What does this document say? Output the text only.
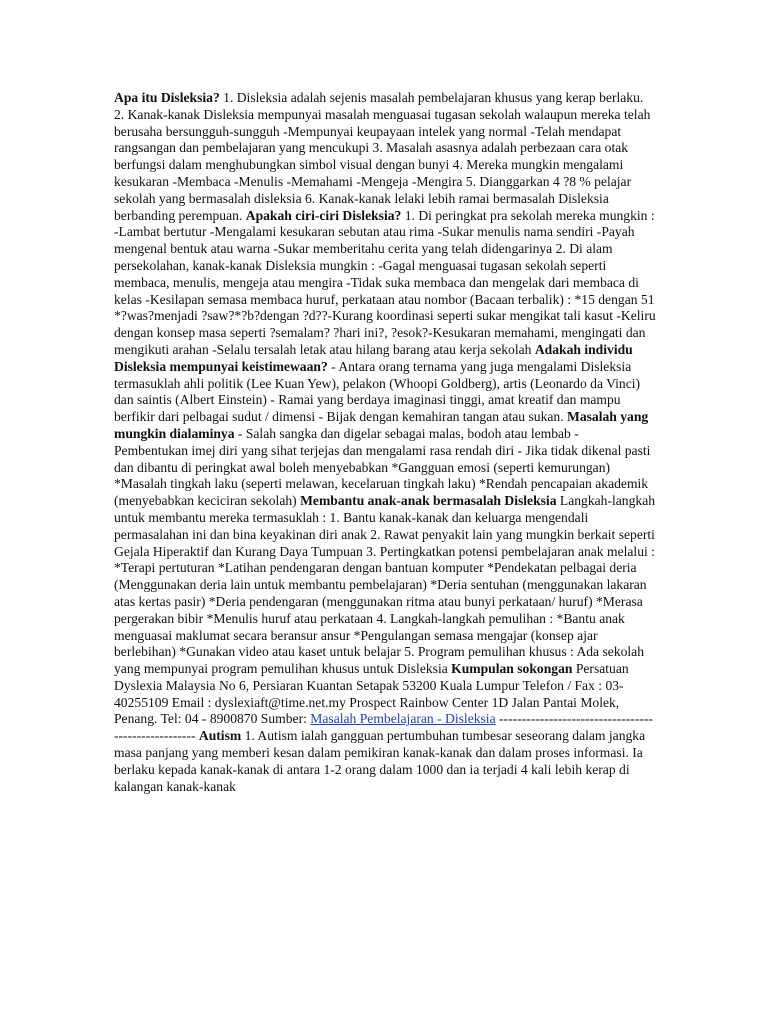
Apa itu Disleksia? 1. Disleksia adalah sejenis masalah pembelajaran khusus yang kerap berlaku. 2. Kanak-kanak Disleksia mempunyai masalah menguasai tugasan sekolah walaupun mereka telah berusaha bersungguh-sungguh -Mempunyai keupayaan intelek yang normal -Telah mendapat rangsangan dan pembelajaran yang mencukupi 3. Masalah asasnya adalah perbezaan cara otak berfungsi dalam menghubungkan simbol visual dengan bunyi 4. Mereka mungkin mengalami kesukaran -Membaca -Menulis -Memahami -Mengeja -Mengira 5. Dianggarkan 4 ?8 % pelajar sekolah yang bermasalah disleksia 6. Kanak-kanak lelaki lebih ramai bermasalah Disleksia berbanding perempuan. Apakah ciri-ciri Disleksia? 1. Di peringkat pra sekolah mereka mungkin : -Lambat bertutur -Mengalami kesukaran sebutan atau rima -Sukar menulis nama sendiri -Payah mengenal bentuk atau warna -Sukar memberitahu cerita yang telah didengarinya 2. Di alam persekolahan, kanak-kanak Disleksia mungkin : -Gagal menguasai tugasan sekolah seperti membaca, menulis, mengeja atau mengira -Tidak suka membaca dan mengelak dari membaca di kelas -Kesilapan semasa membaca huruf, perkataan atau nombor (Bacaan terbalik) : *15 dengan 51 *?was?menjadi ?saw?*?b?dengan ?d??-Kurang koordinasi seperti sukar mengikat tali kasut -Keliru dengan konsep masa seperti ?semalam? ?hari ini?, ?esok?-Kesukaran memahami, mengingati dan mengikuti arahan -Selalu tersalah letak atau hilang barang atau kerja sekolah Adakah individu Disleksia mempunyai keistimewaan? - Antara orang ternama yang juga mengalami Disleksia termasuklah ahli politik (Lee Kuan Yew), pelakon (Whoopi Goldberg), artis (Leonardo da Vinci) dan saintis (Albert Einstein) - Ramai yang berdaya imaginasi tinggi, amat kreatif dan mampu berfikir dari pelbagai sudut / dimensi - Bijak dengan kemahiran tangan atau sukan. Masalah yang mungkin dialaminya - Salah sangka dan digelar sebagai malas, bodoh atau lembab - Pembentukan imej diri yang sihat terjejas dan mengalami rasa rendah diri - Jika tidak dikenal pasti dan dibantu di peringkat awal boleh menyebabkan *Gangguan emosi (seperti kemurungan) *Masalah tingkah laku (seperti melawan, kecelaruan tingkah laku) *Rendah pencapaian akademik (menyebabkan keciciran sekolah) Membantu anak-anak bermasalah Disleksia Langkah-langkah untuk membantu mereka termasuklah : 1. Bantu kanak-kanak dan keluarga mengendali permasalahan ini dan bina keyakinan diri anak 2. Rawat penyakit lain yang mungkin berkait seperti Gejala Hiperaktif dan Kurang Daya Tumpuan 3. Pertingkatkan potensi pembelajaran anak melalui : *Terapi pertuturan *Latihan pendengaran dengan bantuan komputer *Pendekatan pelbagai deria (Menggunakan deria lain untuk membantu pembelajaran) *Deria sentuhan (menggunakan lakaran atas kertas pasir) *Deria pendengaran (menggunakan ritma atau bunyi perkataan/ huruf) *Merasa pergerakan bibir *Menulis huruf atau perkataan 4. Langkah-langkah pemulihan : *Bantu anak menguasai maklumat secara beransur ansur *Pengulangan semasa mengajar (konsep ajar berlebihan) *Gunakan video atau kaset untuk belajar 5. Program pemulihan khusus : Ada sekolah yang mempunyai program pemulihan khusus untuk Disleksia Kumpulan sokongan Persatuan Dyslexia Malaysia No 6, Persiaran Kuantan Setapak 53200 Kuala Lumpur Telefon / Fax : 03-40255109 Email : dyslexiaft@time.net.my Prospect Rainbow Center 1D Jalan Pantai Molek, Penang. Tel: 04 - 8900870 Sumber: Masalah Pembelajaran - Disleksia ---------------------------------------------------- Autism 1. Autism ialah gangguan pertumbuhan tumbesar seseorang dalam jangka masa panjang yang memberi kesan dalam pemikiran kanak-kanak dan dalam proses informasi. Ia berlaku kepada kanak-kanak di antara 1-2 orang dalam 1000 dan ia terjadi 4 kali lebih kerap di kalangan kanak-kanak
